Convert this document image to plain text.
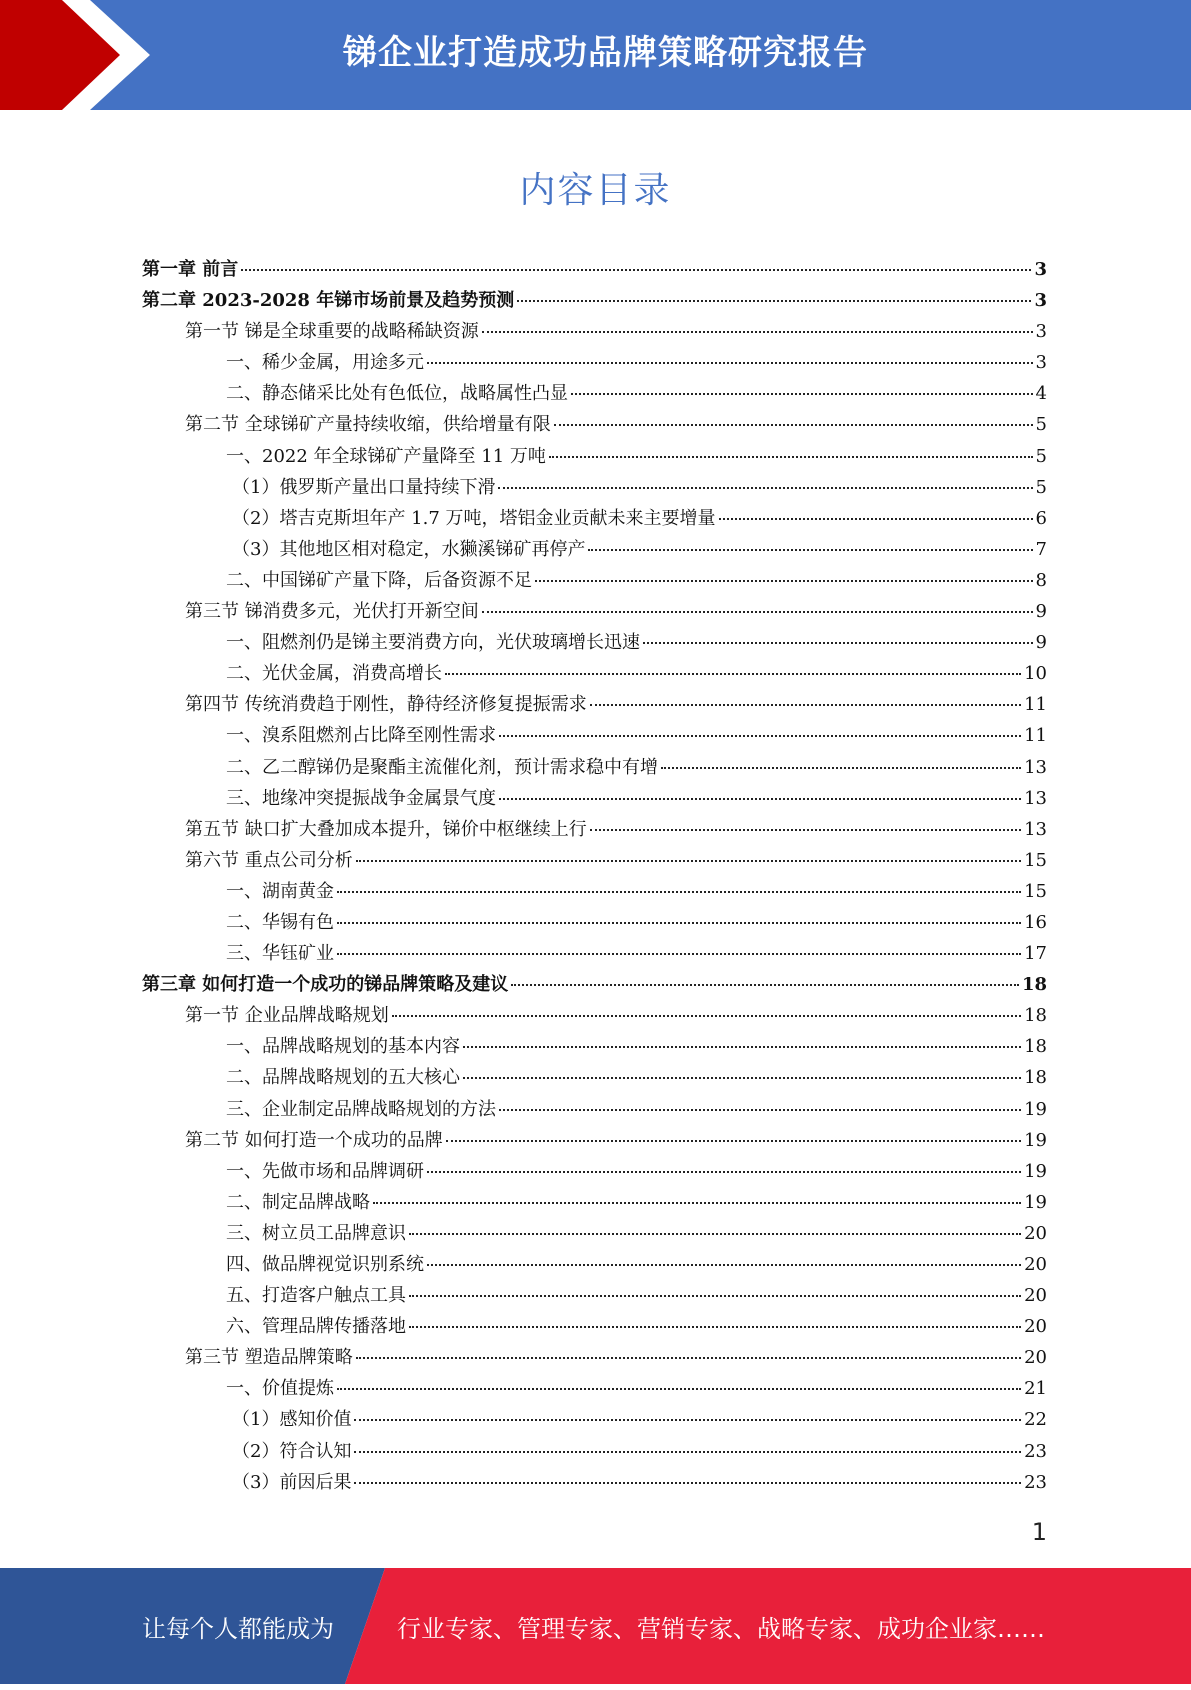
锑企业打造成功品牌策略研究报告
内容目录
第一章 前言	3
第二章 2023-2028 年锑市场前景及趋势预测	3
第一节 锑是全球重要的战略稀缺资源	3
一、稀少金属，用途多元	3
二、静态储采比处有色低位，战略属性凸显	4
第二节 全球锑矿产量持续收缩，供给增量有限	5
一、2022 年全球锑矿产量降至 11 万吨	5
（1）俄罗斯产量出口量持续下滑	5
（2）塔吉克斯坦年产 1.7 万吨，塔铝金业贡献未来主要增量	6
（3）其他地区相对稳定，水獭溪锑矿再停产	7
二、中国锑矿产量下降，后备资源不足	8
第三节 锑消费多元，光伏打开新空间	9
一、阻燃剂仍是锑主要消费方向，光伏玻璃增长迅速	9
二、光伏金属，消费高增长	10
第四节 传统消费趋于刚性，静待经济修复提振需求	11
一、溴系阻燃剂占比降至刚性需求	11
二、乙二醇锑仍是聚酯主流催化剂，预计需求稳中有增	13
三、地缘冲突提振战争金属景气度	13
第五节 缺口扩大叠加成本提升，锑价中枢继续上行	13
第六节 重点公司分析	15
一、湖南黄金	15
二、华锡有色	16
三、华钰矿业	17
第三章 如何打造一个成功的锑品牌策略及建议	18
第一节 企业品牌战略规划	18
一、品牌战略规划的基本内容	18
二、品牌战略规划的五大核心	18
三、企业制定品牌战略规划的方法	19
第二节 如何打造一个成功的品牌	19
一、先做市场和品牌调研	19
二、制定品牌战略	19
三、树立员工品牌意识	20
四、做品牌视觉识别系统	20
五、打造客户触点工具	20
六、管理品牌传播落地	20
第三节 塑造品牌策略	20
一、价值提炼	21
（1）感知价值	22
（2）符合认知	23
（3）前因后果	23
1
让每个人都能成为	行业专家、管理专家、营销专家、战略专家、成功企业家……
